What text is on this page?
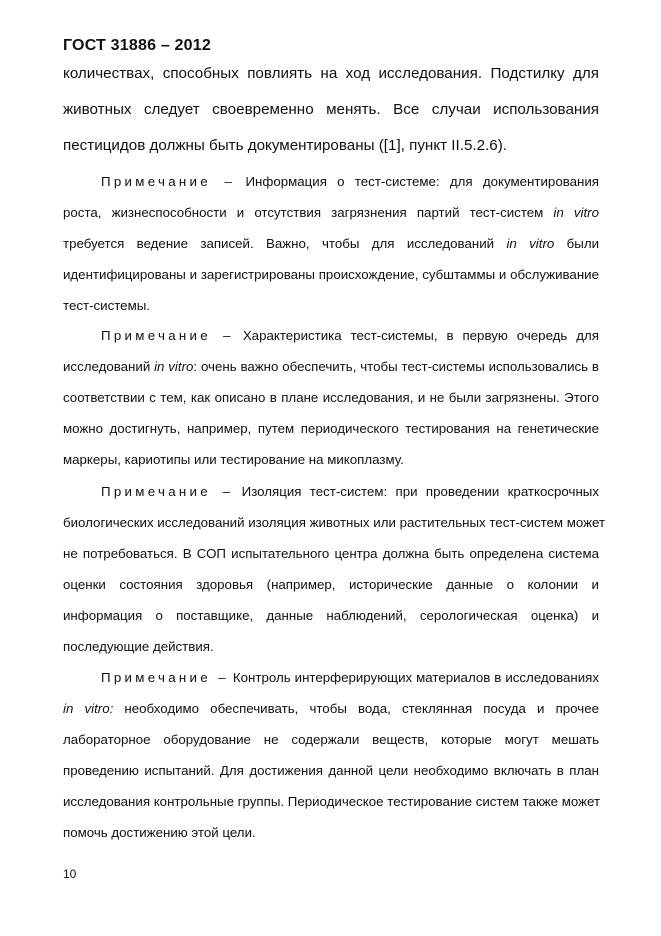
ГОСТ 31886 – 2012
количествах, способных повлиять на ход исследования. Подстилку для
животных следует своевременно менять. Все случаи использования
пестицидов должны быть документированы ([1], пункт II.5.2.6).
Примечание – Информация о тест-системе: для документирования
роста, жизнеспособности и отсутствия загрязнения партий тест-систем in vitro
требуется ведение записей. Важно, чтобы для исследований in vitro были
идентифицированы и зарегистрированы происхождение, субштаммы и обслуживание
тест-системы.
Примечание – Характеристика тест-системы, в первую очередь для
исследований in vitro: очень важно обеспечить, чтобы тест-системы использовались в
соответствии с тем, как описано в плане исследования, и не были загрязнены. Этого
можно достигнуть, например, путем периодического тестирования на генетические
маркеры, кариотипы или тестирование на микоплазму.
Примечание – Изоляция тест-систем: при проведении краткосрочных
биологических исследований изоляция животных или растительных тест-систем может
не потребоваться. В СОП испытательного центра должна быть определена система
оценки состояния здоровья (например, исторические данные о колонии и
информация о поставщике, данные наблюдений, серологическая оценка) и
последующие действия.
Примечание – Контроль интерферирующих материалов в исследованиях
in vitro: необходимо обеспечивать, чтобы вода, стеклянная посуда и прочее
лабораторное оборудование не содержали веществ, которые могут мешать
проведению испытаний. Для достижения данной цели необходимо включать в план
исследования контрольные группы. Периодическое тестирование систем также может
помочь достижению этой цели.
10
